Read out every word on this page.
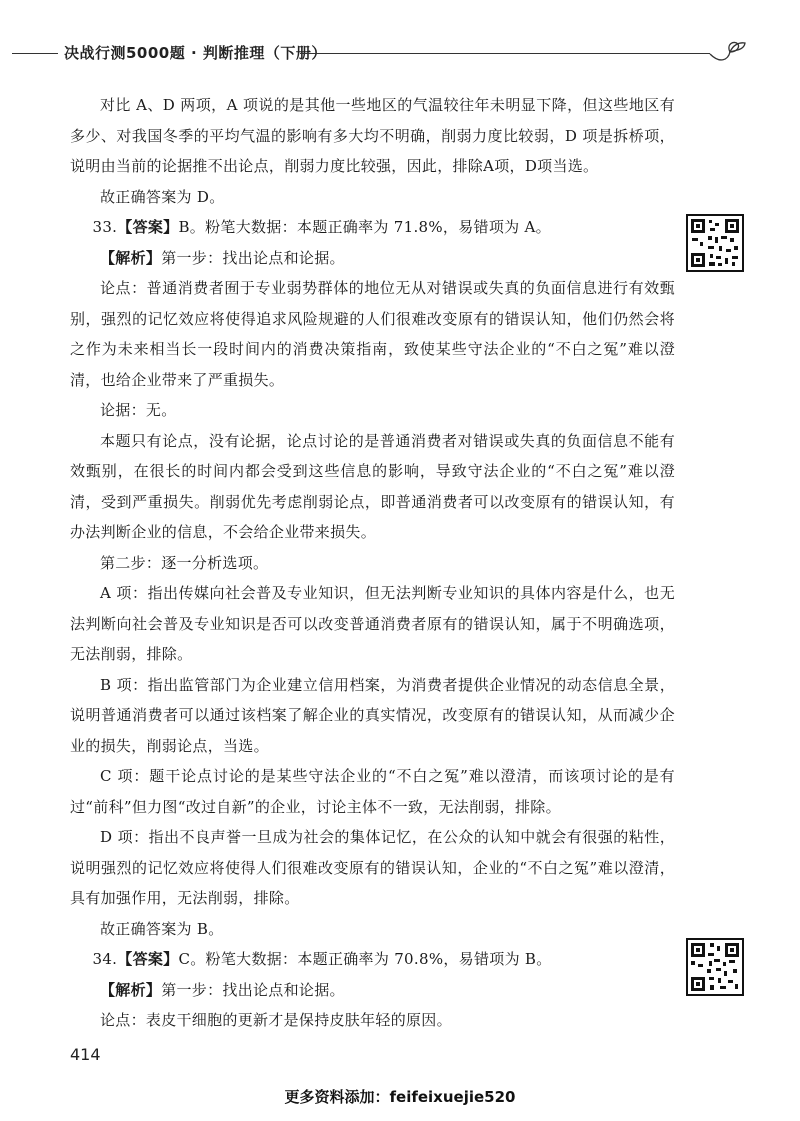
决战行测5000题 · 判断推理（下册）

对比 A、D 两项，A 项说的是其他一些地区的气温较往年未明显下降，但这些地区有多少、对我国冬季的平均气温的影响有多大均不明确，削弱力度比较弱，D 项是拆桥项，说明由当前的论据推不出论点，削弱力度比较强，因此，排除A项，D项当选。

故正确答案为 D。

33.【答案】B。粉笔大数据：本题正确率为 71.8%，易错项为 A。

【解析】第一步：找出论点和论据。

论点：普通消费者囿于专业弱势群体的地位无从对错误或失真的负面信息进行有效甄别，强烈的记忆效应将使得追求风险规避的人们很难改变原有的错误认知，他们仍然会将之作为未来相当长一段时间内的消费决策指南，致使某些守法企业的“不白之冤”难以澄清，也给企业带来了严重损失。

论据：无。

本题只有论点，没有论据，论点讨论的是普通消费者对错误或失真的负面信息不能有效甄别，在很长的时间内都会受到这些信息的影响，导致守法企业的“不白之冤”难以澄清，受到严重损失。削弱优先考虑削弱论点，即普通消费者可以改变原有的错误认知，有办法判断企业的信息，不会给企业带来损失。

第二步：逐一分析选项。

A 项：指出传媒向社会普及专业知识，但无法判断专业知识的具体内容是什么，也无法判断向社会普及专业知识是否可以改变普通消费者原有的错误认知，属于不明确选项，无法削弱，排除。

B 项：指出监管部门为企业建立信用档案，为消费者提供企业情况的动态信息全景，说明普通消费者可以通过该档案了解企业的真实情况，改变原有的错误认知，从而减少企业的损失，削弱论点，当选。

C 项：题干论点讨论的是某些守法企业的“不白之冤”难以澄清，而该项讨论的是有过“前科”但力图“改过自新”的企业，讨论主体不一致，无法削弱，排除。

D 项：指出不良声誉一旦成为社会的集体记忆，在公众的认知中就会有很强的粘性，说明强烈的记忆效应将使得人们很难改变原有的错误认知，企业的“不白之冤”难以澄清，具有加强作用，无法削弱，排除。

故正确答案为 B。

34.【答案】C。粉笔大数据：本题正确率为 70.8%，易错项为 B。

【解析】第一步：找出论点和论据。

论点：表皮干细胞的更新才是保持皮肤年轻的原因。

414
更多资料添加：feifeixuejie520
